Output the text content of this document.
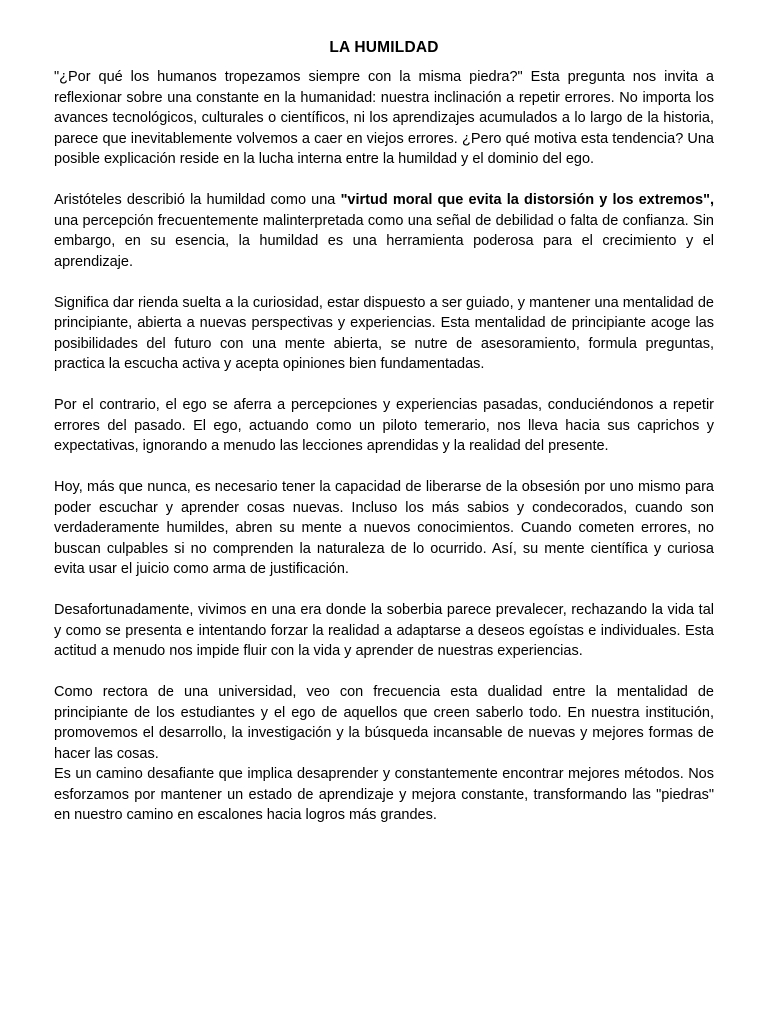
LA HUMILDAD

"¿Por qué los humanos tropezamos siempre con la misma piedra?" Esta pregunta nos invita a reflexionar sobre una constante en la humanidad: nuestra inclinación a repetir errores. No importa los avances tecnológicos, culturales o científicos, ni los aprendizajes acumulados a lo largo de la historia, parece que inevitablemente volvemos a caer en viejos errores. ¿Pero qué motiva esta tendencia? Una posible explicación reside en la lucha interna entre la humildad y el dominio del ego.

Aristóteles describió la humildad como una "virtud moral que evita la distorsión y los extremos", una percepción frecuentemente malinterpretada como una señal de debilidad o falta de confianza. Sin embargo, en su esencia, la humildad es una herramienta poderosa para el crecimiento y el aprendizaje.

Significa dar rienda suelta a la curiosidad, estar dispuesto a ser guiado, y mantener una mentalidad de principiante, abierta a nuevas perspectivas y experiencias. Esta mentalidad de principiante acoge las posibilidades del futuro con una mente abierta, se nutre de asesoramiento, formula preguntas, practica la escucha activa y acepta opiniones bien fundamentadas.

Por el contrario, el ego se aferra a percepciones y experiencias pasadas, conduciéndonos a repetir errores del pasado. El ego, actuando como un piloto temerario, nos lleva hacia sus caprichos y expectativas, ignorando a menudo las lecciones aprendidas y la realidad del presente.

Hoy, más que nunca, es necesario tener la capacidad de liberarse de la obsesión por uno mismo para poder escuchar y aprender cosas nuevas. Incluso los más sabios y condecorados, cuando son verdaderamente humildes, abren su mente a nuevos conocimientos. Cuando cometen errores, no buscan culpables si no comprenden la naturaleza de lo ocurrido. Así, su mente científica y curiosa evita usar el juicio como arma de justificación.

Desafortunadamente, vivimos en una era donde la soberbia parece prevalecer, rechazando la vida tal y como se presenta e intentando forzar la realidad a adaptarse a deseos egoístas e individuales. Esta actitud a menudo nos impide fluir con la vida y aprender de nuestras experiencias.

Como rectora de una universidad, veo con frecuencia esta dualidad entre la mentalidad de principiante de los estudiantes y el ego de aquellos que creen saberlo todo. En nuestra institución, promovemos el desarrollo, la investigación y la búsqueda incansable de nuevas y mejores formas de hacer las cosas.

Es un camino desafiante que implica desaprender y constantemente encontrar mejores métodos. Nos esforzamos por mantener un estado de aprendizaje y mejora constante, transformando las "piedras" en nuestro camino en escalones hacia logros más grandes.
